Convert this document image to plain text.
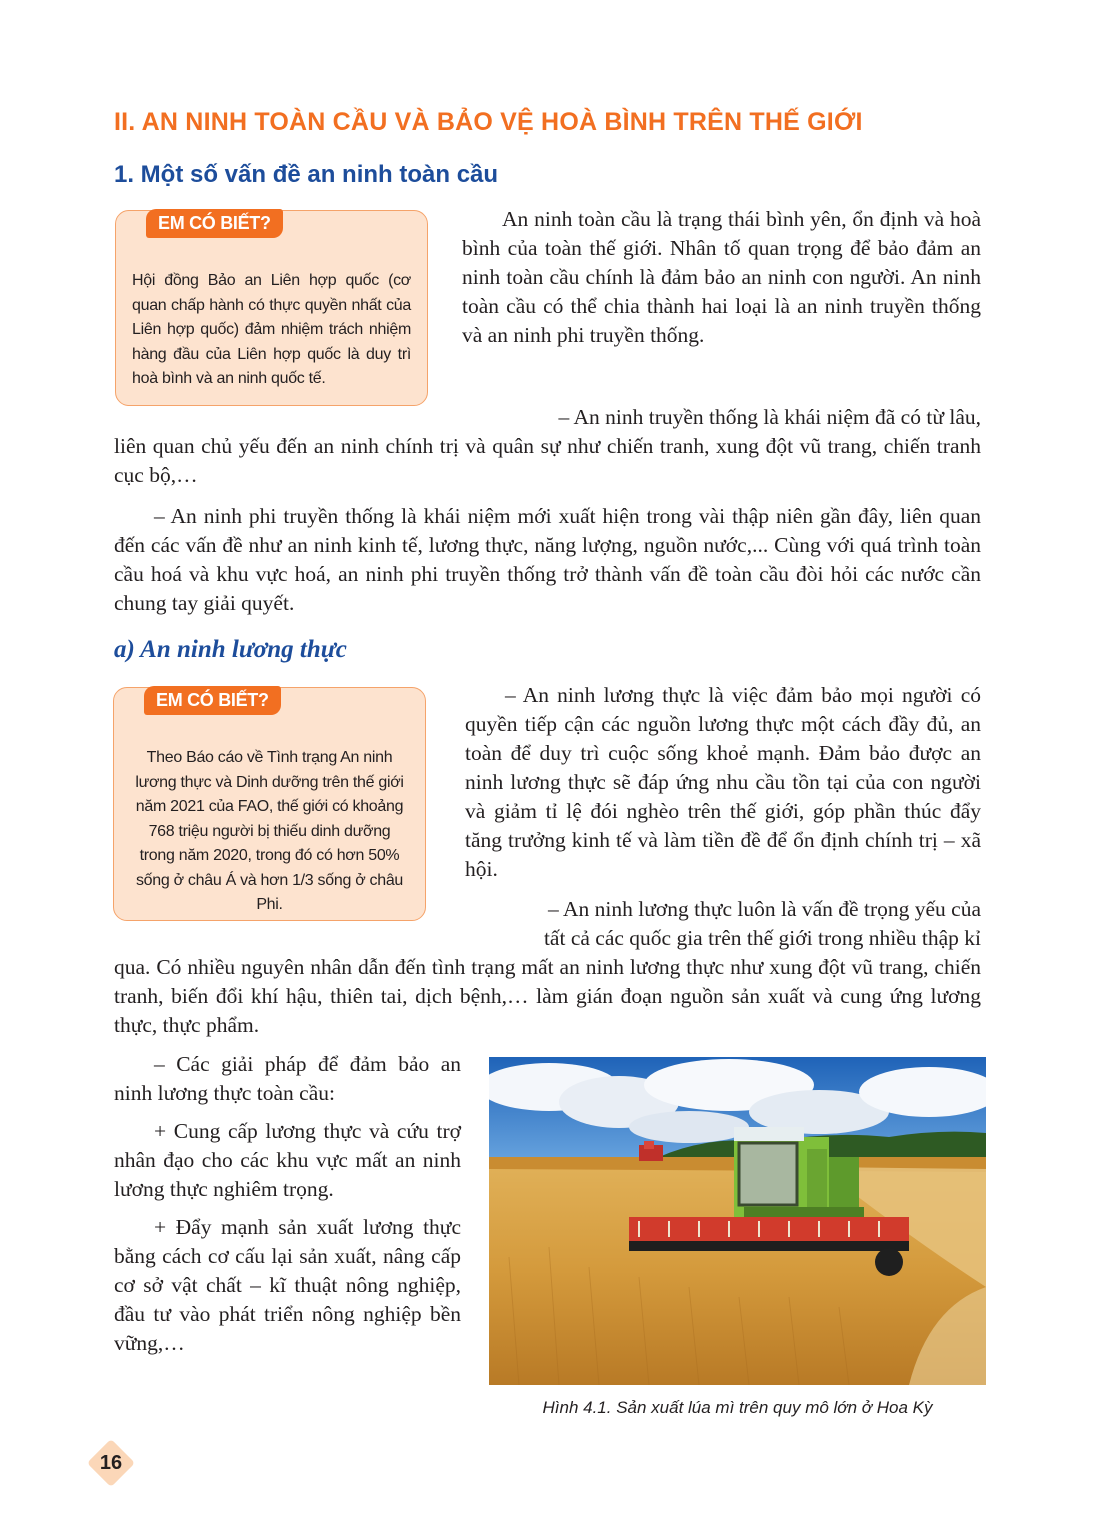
II. AN NINH TOÀN CẦU VÀ BẢO VỆ HOÀ BÌNH TRÊN THẾ GIỚI
1. Một số vấn đề an ninh toàn cầu
EM CÓ BIẾT?

Hội đồng Bảo an Liên hợp quốc (cơ quan chấp hành có thực quyền nhất của Liên hợp quốc) đảm nhiệm trách nhiệm hàng đầu của Liên hợp quốc là duy trì hoà bình và an ninh quốc tế.

An ninh toàn cầu là trạng thái bình yên, ổn định và hoà bình của toàn thế giới. Nhân tố quan trọng để bảo đảm an ninh toàn cầu chính là đảm bảo an ninh con người. An ninh toàn cầu có thể chia thành hai loại là an ninh truyền thống và an ninh phi truyền thống.

– An ninh truyền thống là khái niệm đã có từ lâu,

liên quan chủ yếu đến an ninh chính trị và quân sự như chiến tranh, xung đột vũ trang, chiến tranh cục bộ,…

– An ninh phi truyền thống là khái niệm mới xuất hiện trong vài thập niên gần đây, liên quan đến các vấn đề như an ninh kinh tế, lương thực, năng lượng, nguồn nước,... Cùng với quá trình toàn cầu hoá và khu vực hoá, an ninh phi truyền thống trở thành vấn đề toàn cầu đòi hỏi các nước cần chung tay giải quyết.

a) An ninh lương thực
EM CÓ BIẾT?

Theo Báo cáo về Tình trạng An ninh lương thực và Dinh dưỡng trên thế giới năm 2021 của FAO, thế giới có khoảng 768 triệu người bị thiếu dinh dưỡng trong năm 2020, trong đó có hơn 50% sống ở châu Á và hơn 1/3 sống ở châu Phi.

– An ninh lương thực là việc đảm bảo mọi người có quyền tiếp cận các nguồn lương thực một cách đầy đủ, an toàn để duy trì cuộc sống khoẻ mạnh. Đảm bảo được an ninh lương thực sẽ đáp ứng nhu cầu tồn tại của con người và giảm tỉ lệ đói nghèo trên thế giới, góp phần thúc đẩy tăng trưởng kinh tế và làm tiền đề để ổn định chính trị – xã hội.

– An ninh lương thực luôn là vấn đề trọng yếu của

tất cả các quốc gia trên thế giới trong nhiều thập kỉ

qua. Có nhiều nguyên nhân dẫn đến tình trạng mất an ninh lương thực như xung đột vũ trang, chiến tranh, biến đổi khí hậu, thiên tai, dịch bệnh,… làm gián đoạn nguồn sản xuất và cung ứng lương thực, thực phẩm.

– Các giải pháp để đảm bảo an ninh lương thực toàn cầu:

+ Cung cấp lương thực và cứu trợ nhân đạo cho các khu vực mất an ninh lương thực nghiêm trọng.

+ Đẩy mạnh sản xuất lương thực bằng cách cơ cấu lại sản xuất, nâng cấp cơ sở vật chất – kĩ thuật nông nghiệp, đầu tư vào phát triển nông nghiệp bền vững,…

Hình 4.1. Sản xuất lúa mì trên quy mô lớn ở Hoa Kỳ
16
